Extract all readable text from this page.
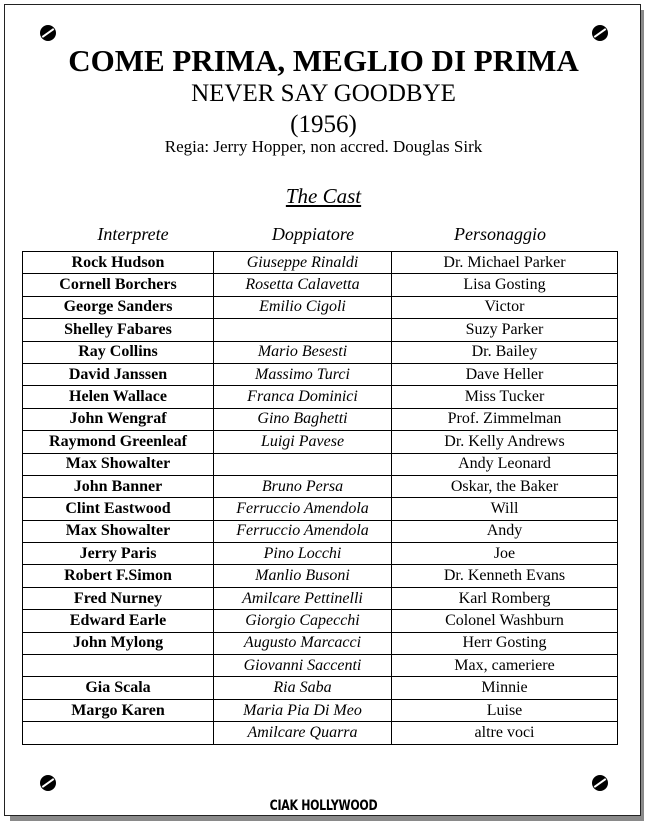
COME PRIMA, MEGLIO DI PRIMA
NEVER SAY GOODBYE
(1956)
Regia: Jerry Hopper, non accred. Douglas Sirk
The Cast
Interprete	Doppiatore	Personaggio
Rock Hudson	Giuseppe Rinaldi	Dr. Michael Parker
Cornell Borchers	Rosetta Calavetta	Lisa Gosting
George Sanders	Emilio Cigoli	Victor
Shelley Fabares		Suzy Parker
Ray Collins	Mario Besesti	Dr. Bailey
David Janssen	Massimo Turci	Dave Heller
Helen Wallace	Franca Dominici	Miss Tucker
John Wengraf	Gino Baghetti	Prof. Zimmelman
Raymond Greenleaf	Luigi Pavese	Dr. Kelly Andrews
Max Showalter		Andy Leonard
John Banner	Bruno Persa	Oskar, the Baker
Clint Eastwood	Ferruccio Amendola	Will
Max Showalter	Ferruccio Amendola	Andy
Jerry Paris	Pino Locchi	Joe
Robert F.Simon	Manlio Busoni	Dr. Kenneth Evans
Fred Nurney	Amilcare Pettinelli	Karl Romberg
Edward Earle	Giorgio Capecchi	Colonel Washburn
John Mylong	Augusto Marcacci	Herr Gosting
	Giovanni Saccenti	Max, cameriere
Gia Scala	Ria Saba	Minnie
Margo Karen	Maria Pia Di Meo	Luise
	Amilcare Quarra	altre voci
CIAK HOLLYWOOD
